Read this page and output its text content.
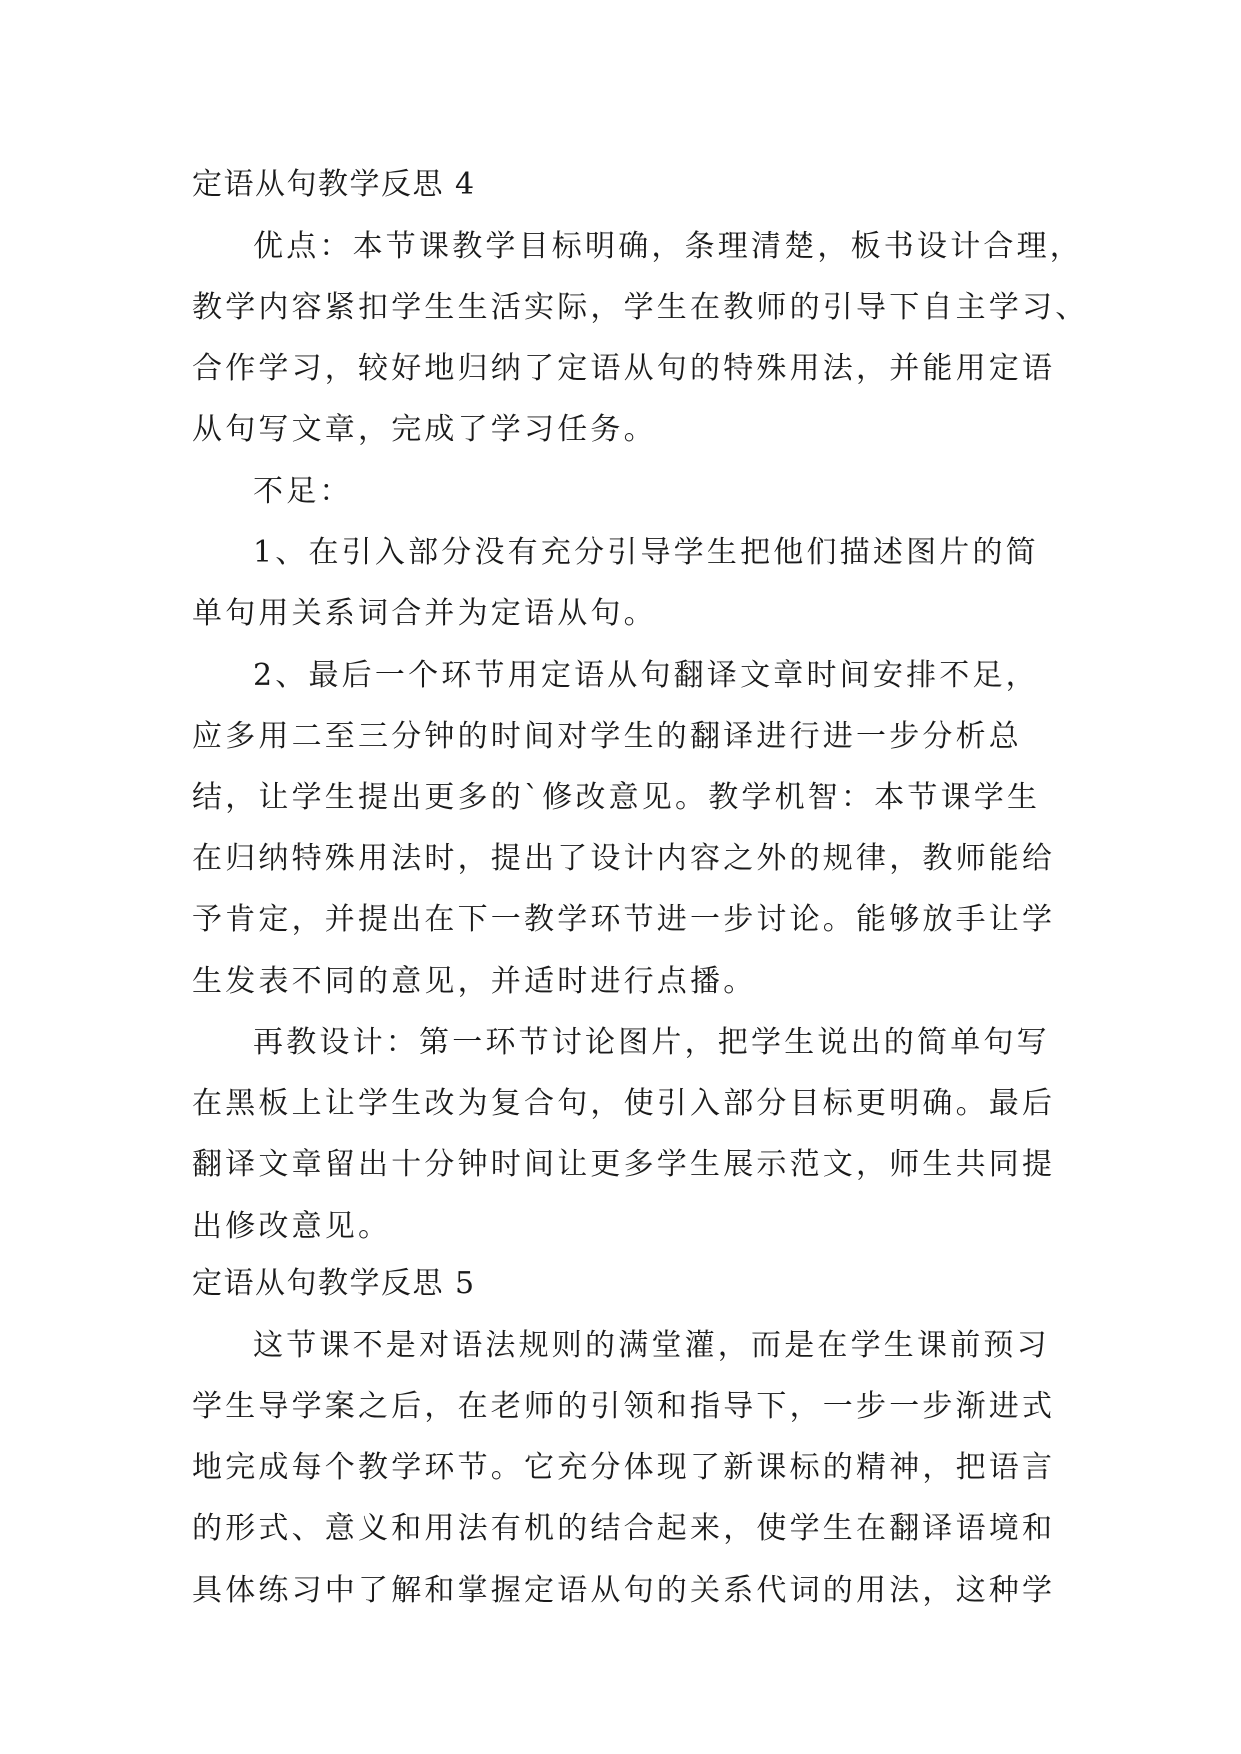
定语从句教学反思 4
优点：本节课教学目标明确，条理清楚，板书设计合理，
教学内容紧扣学生生活实际，学生在教师的引导下自主学习、
合作学习，较好地归纳了定语从句的特殊用法，并能用定语
从句写文章，完成了学习任务。
不足：
1、在引入部分没有充分引导学生把他们描述图片的简
单句用关系词合并为定语从句。
2、最后一个环节用定语从句翻译文章时间安排不足，
应多用二至三分钟的时间对学生的翻译进行进一步分析总
结，让学生提出更多的`修改意见。教学机智：本节课学生
在归纳特殊用法时，提出了设计内容之外的规律，教师能给
予肯定，并提出在下一教学环节进一步讨论。能够放手让学
生发表不同的意见，并适时进行点播。
再教设计：第一环节讨论图片，把学生说出的简单句写
在黑板上让学生改为复合句，使引入部分目标更明确。最后
翻译文章留出十分钟时间让更多学生展示范文，师生共同提
出修改意见。
定语从句教学反思 5
这节课不是对语法规则的满堂灌，而是在学生课前预习
学生导学案之后，在老师的引领和指导下，一步一步渐进式
地完成每个教学环节。它充分体现了新课标的精神，把语言
的形式、意义和用法有机的结合起来，使学生在翻译语境和
具体练习中了解和掌握定语从句的关系代词的用法，这种学
